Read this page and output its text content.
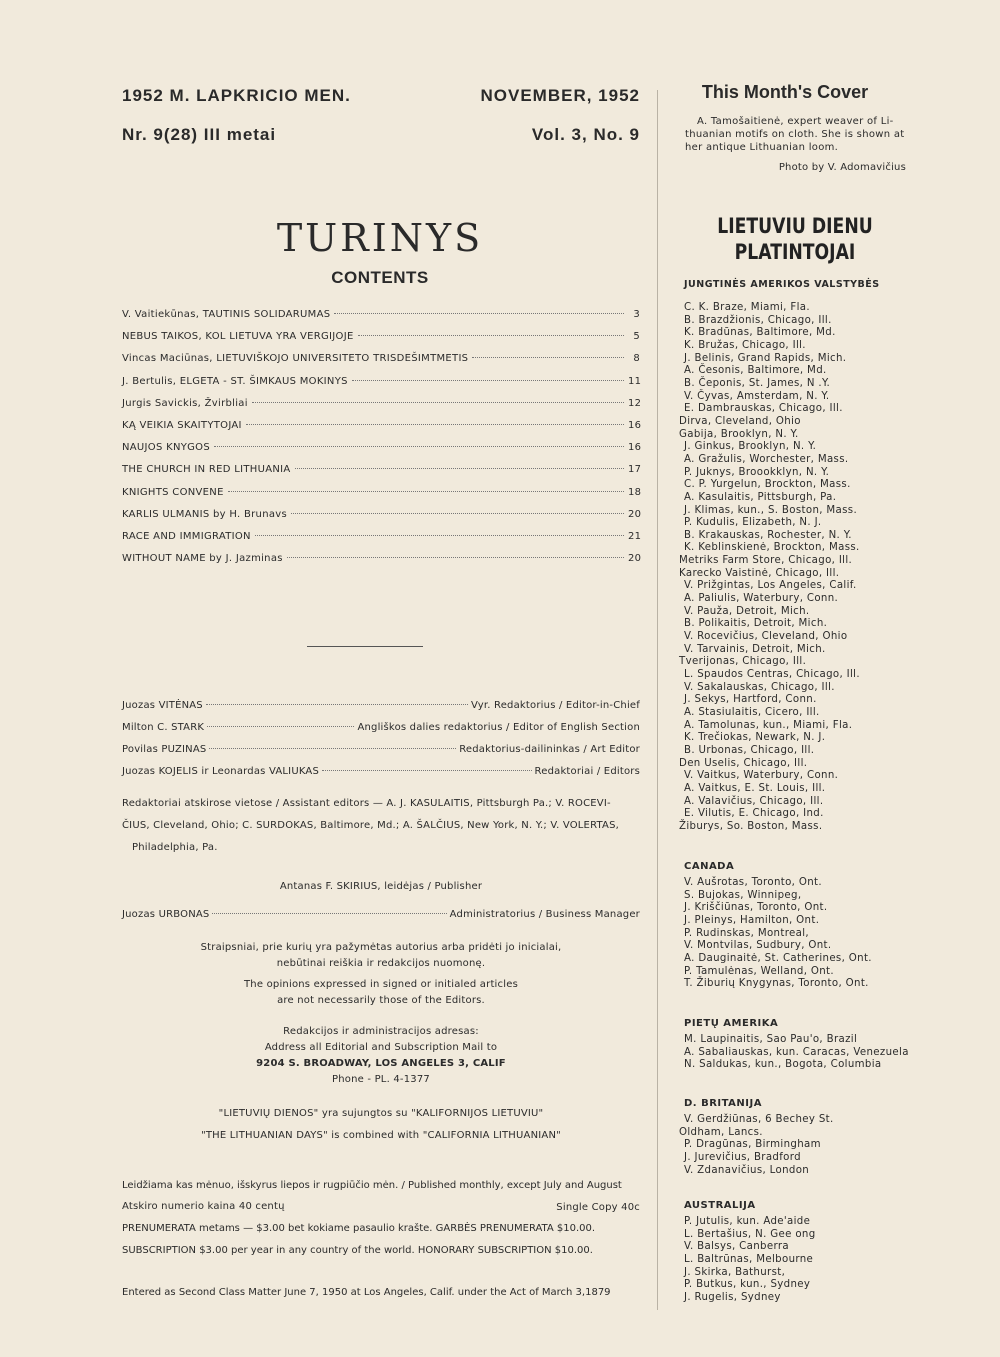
1952 M. LAPKRICIO MEN.
Nr. 9(28) III metai
NOVEMBER, 1952
Vol. 3, No. 9
TURINYS
CONTENTS
V. Vaitiekūnas, TAUTINIS SOLIDARUMAS	3
NEBUS TAIKOS, KOL LIETUVA YRA VERGIJOJE	5
Vincas Maciūnas, LIETUVIŠKOJO UNIVERSITETO TRISDEŠIMTMETIS	8
J. Bertulis, ELGETA - ST. ŠIMKAUS MOKINYS	11
Jurgis Savickis, Žvirbliai	12
KĄ VEIKIA SKAITYTOJAI	16
NAUJOS KNYGOS	16
THE CHURCH IN RED LITHUANIA	17
KNIGHTS CONVENE	18
KARLIS ULMANIS by H. Brunavs	20
RACE AND IMMIGRATION	21
WITHOUT NAME by J. Jazminas	20
Juozas VITĖNAS	Vyr. Redaktorius / Editor-in-Chief
Milton C. STARK	Angliškos dalies redaktorius / Editor of English Section
Povilas PUZINAS	Redaktorius-dailininkas / Art Editor
Juozas KOJELIS ir Leonardas VALIUKAS	Redaktoriai / Editors
Redaktoriai atskirose vietose / Assistant editors — A. J. KASULAITIS, Pittsburgh Pa.; V. ROCEVI-
ČIUS, Cleveland, Ohio; C. SURDOKAS, Baltimore, Md.; A. ŠALČIUS, New York, N. Y.; V. VOLERTAS,
Philadelphia, Pa.
Antanas F. SKIRIUS, leidėjas / Publisher
Juozas URBONAS	Administratorius / Business Manager
Straipsniai, prie kurių yra pažymėtas autorius arba pridėti jo inicialai,
nebūtinai reiškia ir redakcijos nuomonę.
The opinions expressed in signed or initialed articles
are not necessarily those of the Editors.
Redakcijos ir administracijos adresas:
Address all Editorial and Subscription Mail to
9204 S. BROADWAY, LOS ANGELES 3, CALIF
Phone - PL. 4-1377
"LIETUVIŲ DIENOS" yra sujungtos su "KALIFORNIJOS LIETUVIU"
"THE LITHUANIAN DAYS" is combined with "CALIFORNIA LITHUANIAN"
Leidžiama kas mėnuo, išskyrus liepos ir rugpiūčio mėn. / Published monthly, except July and August
Atskiro numerio kaina 40 centų	Single Copy 40c
PRENUMERATA metams — $3.00 bet kokiame pasaulio krašte. GARBĖS PRENUMERATA $10.00.
SUBSCRIPTION $3.00 per year in any country of the world. HONORARY SUBSCRIPTION $10.00.
Entered as Second Class Matter June 7, 1950 at Los Angeles, Calif. under the Act of March 3,1879
This Month's Cover
A. Tamošaitienė, expert weaver of Li-
thuanian motifs on cloth. She is shown at
her antique Lithuanian loom.
Photo by V. Adomavičius
LIETUVIU DIENU
PLATINTOJAI
JUNGTINĖS AMERIKOS VALSTYBĖS
C. K. Braze, Miami, Fla.
B. Brazdžionis, Chicago, Ill.
K. Bradūnas, Baltimore, Md.
K. Bružas, Chicago, Ill.
J. Belinis, Grand Rapids, Mich.
A. Česonis, Baltimore, Md.
B. Čeponis, St. James, N .Y.
V. Čyvas, Amsterdam, N. Y.
E. Dambrauskas, Chicago, Ill.
Dirva, Cleveland, Ohio
Gabija, Brooklyn, N. Y.
J. Ginkus, Brooklyn, N. Y.
A. Gražulis, Worchester, Mass.
P. Juknys, Broookklyn, N. Y.
C. P. Yurgelun, Brockton, Mass.
A. Kasulaitis, Pittsburgh, Pa.
J. Klimas, kun., S. Boston, Mass.
P. Kudulis, Elizabeth, N. J.
B. Krakauskas, Rochester, N. Y.
K. Keblinskienė, Brockton, Mass.
Metriks Farm Store, Chicago, Ill.
Karecko Vaistinė, Chicago, Ill.
V. Prižgintas, Los Angeles, Calif.
A. Paliulis, Waterbury, Conn.
V. Pauža, Detroit, Mich.
B. Polikaitis, Detroit, Mich.
V. Rocevičius, Cleveland, Ohio
V. Tarvainis, Detroit, Mich.
Tverijonas, Chicago, Ill.
L. Spaudos Centras, Chicago, Ill.
V. Sakalauskas, Chicago, Ill.
J. Sekys, Hartford, Conn.
A. Stasiulaitis, Cicero, Ill.
A. Tamolunas, kun., Miami, Fla.
K. Trečiokas, Newark, N. J.
B. Urbonas, Chicago, Ill.
Den Uselis, Chicago, Ill.
V. Vaitkus, Waterbury, Conn.
A. Vaitkus, E. St. Louis, Ill.
A. Valavičius, Chicago, Ill.
E. Vilutis, E. Chicago, Ind.
Žiburys, So. Boston, Mass.
CANADA
V. Aušrotas, Toronto, Ont.
S. Bujokas, Winnipeg,
J. Kriščiūnas, Toronto, Ont.
J. Pleinys, Hamilton, Ont.
P. Rudinskas, Montreal,
V. Montvilas, Sudbury, Ont.
A. Dauginaitė, St. Catherines, Ont.
P. Tamulėnas, Welland, Ont.
T. Žiburių Knygynas, Toronto, Ont.
PIETŲ AMERIKA
M. Laupinaitis, Sao Pau'o, Brazil
A. Sabaliauskas, kun. Caracas, Venezuela
N. Saldukas, kun., Bogota, Columbia
D. BRITANIJA
V. Gerdžiūnas, 6 Bechey St.
Oldham, Lancs.
P. Dragūnas, Birmingham
J. Jurevičius, Bradford
V. Zdanavičius, London
AUSTRALIJA
P. Jutulis, kun. Ade'aide
L. Bertašius, N. Gee ong
V. Balsys, Canberra
L. Baltrūnas, Melbourne
J. Skirka, Bathurst,
P. Butkus, kun., Sydney
J. Rugelis, Sydney
